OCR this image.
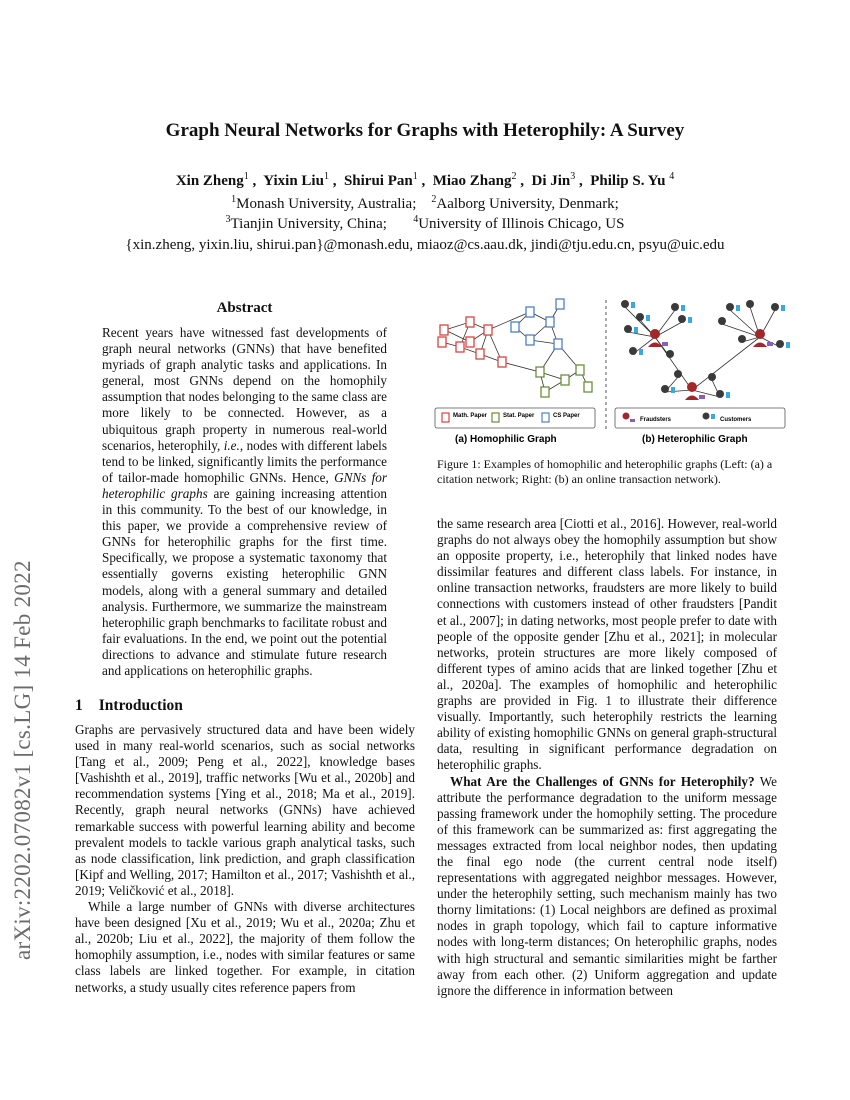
Graph Neural Networks for Graphs with Heterophily: A Survey
Xin Zheng$^1$ ,  Yixin Liu$^1$ ,  Shirui Pan$^1$ ,  Miao Zhang$^2$ ,  Di Jin$^3$ ,  Philip S. Yu $^4$
$^1$Monash University, Australia; $^2$Aalborg University, Denmark;
$^3$Tianjin University, China;	$^4$University of Illinois Chicago, US
{xin.zheng, yixin.liu, shirui.pan}@monash.edu, miaoz@cs.aau.dk, jindi@tju.edu.cn, psyu@uic.edu
arXiv:2202.07082v1 [cs.LG] 14 Feb 2022
Abstract

Recent years have witnessed fast developments of graph neural networks (GNNs) that have benefited myriads of graph analytic tasks and applications. In general, most GNNs depend on the homophily assumption that nodes belonging to the same class are more likely to be connected. However, as a ubiquitous graph property in numerous real-world scenarios, heterophily, i.e., nodes with different labels tend to be linked, significantly limits the performance of tailor-made homophilic GNNs. Hence, GNNs for heterophilic graphs are gaining increasing attention in this community. To the best of our knowledge, in this paper, we provide a comprehensive review of GNNs for heterophilic graphs for the first time. Specifically, we propose a systematic taxonomy that essentially governs existing heterophilic GNN models, along with a general summary and detailed analysis. Furthermore, we summarize the mainstream heterophilic graph benchmarks to facilitate robust and fair evaluations. In the end, we point out the potential directions to advance and stimulate future research and applications on heterophilic graphs.

1 Introduction

Graphs are pervasively structured data and have been widely used in many real-world scenarios, such as social networks [Tang et al., 2009; Peng et al., 2022], knowledge bases [Vashishth et al., 2019], traffic networks [Wu et al., 2020b] and recommendation systems [Ying et al., 2018; Ma et al., 2019]. Recently, graph neural networks (GNNs) have achieved remarkable success with powerful learning ability and become prevalent models to tackle various graph analytical tasks, such as node classification, link prediction, and graph classification [Kipf and Welling, 2017; Hamilton et al., 2017; Vashishth et al., 2019; Veličković et al., 2018].

While a large number of GNNs with diverse architectures have been designed [Xu et al., 2019; Wu et al., 2020a; Zhu et al., 2020b; Liu et al., 2022], the majority of them follow the homophily assumption, i.e., nodes with similar features or same class labels are linked together. For example, in citation networks, a study usually cites reference papers from

Math. Paper	Stat. Paper	CS Paper
(a) Homophilic Graph
Fraudsters	Customers
(b) Heterophilic Graph
Figure 1: Examples of homophilic and heterophilic graphs (Left: (a) a citation network; Right: (b) an online transaction network).

the same research area [Ciotti et al., 2016]. However, real-world graphs do not always obey the homophily assumption but show an opposite property, i.e., heterophily that linked nodes have dissimilar features and different class labels. For instance, in online transaction networks, fraudsters are more likely to build connections with customers instead of other fraudsters [Pandit et al., 2007]; in dating networks, most people prefer to date with people of the opposite gender [Zhu et al., 2021]; in molecular networks, protein structures are more likely composed of different types of amino acids that are linked together [Zhu et al., 2020a]. The examples of homophilic and heterophilic graphs are provided in Fig. 1 to illustrate their difference visually. Importantly, such heterophily restricts the learning ability of existing homophilic GNNs on general graph-structural data, resulting in significant performance degradation on heterophilic graphs.

What Are the Challenges of GNNs for Heterophily? We attribute the performance degradation to the uniform message passing framework under the homophily setting. The procedure of this framework can be summarized as: first aggregating the messages extracted from local neighbor nodes, then updating the final ego node (the current central node itself) representations with aggregated neighbor messages. However, under the heterophily setting, such mechanism mainly has two thorny limitations: (1) Local neighbors are defined as proximal nodes in graph topology, which fail to capture informative nodes with long-term distances; On heterophilic graphs, nodes with high structural and semantic similarities might be farther away from each other. (2) Uniform aggregation and update ignore the difference in information between
